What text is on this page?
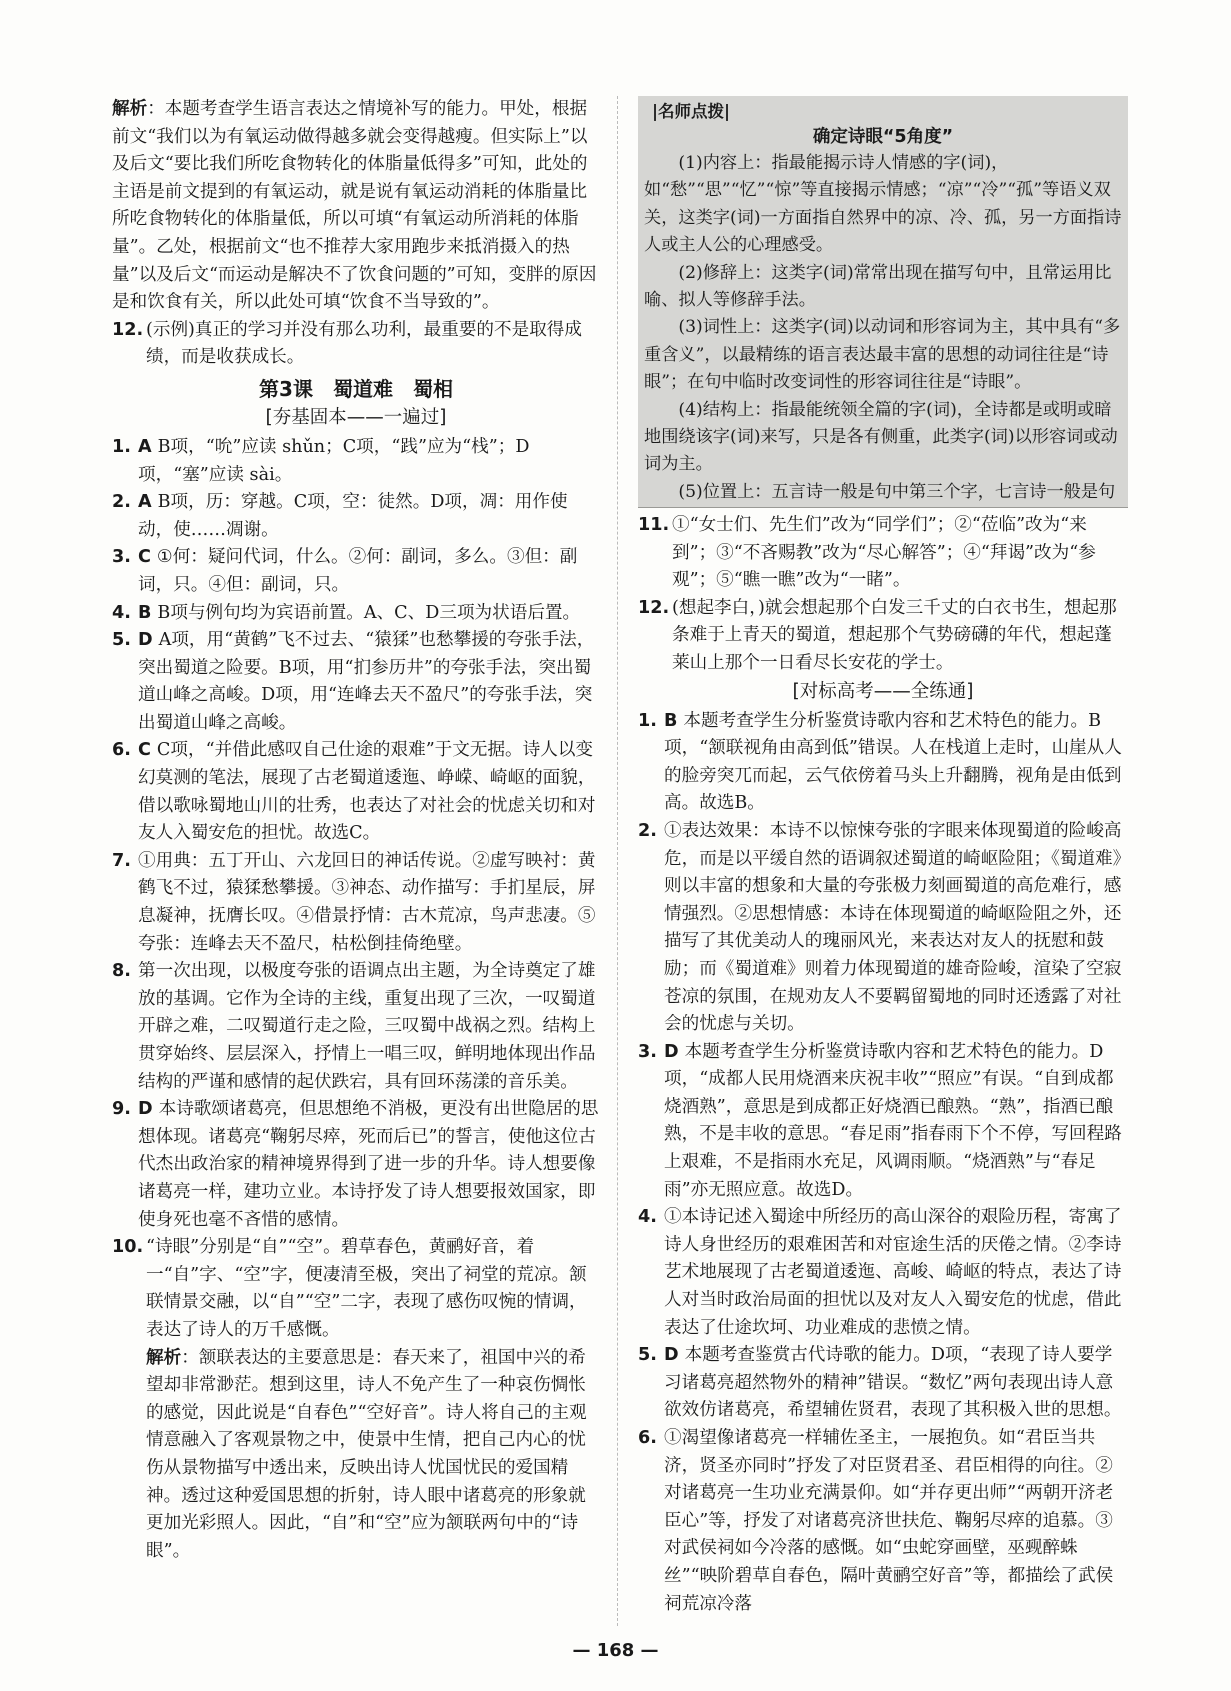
解析：本题考查学生语言表达之情境补写的能力。甲处，根据前文“我们以为有氧运动做得越多就会变得越瘦。但实际上”以及后文“要比我们所吃食物转化的体脂量低得多”可知，此处的主语是前文提到的有氧运动，就是说有氧运动消耗的体脂量比所吃食物转化的体脂量低，所以可填“有氧运动所消耗的体脂量”。乙处，根据前文“也不推荐大家用跑步来抵消摄入的热量”以及后文“而运动是解决不了饮食问题的”可知，变胖的原因是和饮食有关，所以此处可填“饮食不当导致的”。
12. (示例)真正的学习并没有那么功利，最重要的不是取得成绩，而是收获成长。
第3课　蜀道难　蜀相
[夯基固本——一遍过]
1. A B项，“吮”应读 shǔn；C项，“践”应为“栈”；D项，“塞”应读 sài。
2. A B项，历：穿越。C项，空：徒然。D项，凋：用作使动，使……凋谢。
3. C ①何：疑问代词，什么。②何：副词，多么。③但：副词，只。④但：副词，只。
4. B B项与例句均为宾语前置。A、C、D三项为状语后置。
5. D A项，用“黄鹤”飞不过去、“猿猱”也愁攀援的夸张手法，突出蜀道之险要。B项，用“扪参历井”的夸张手法，突出蜀道山峰之高峻。D项，用“连峰去天不盈尺”的夸张手法，突出蜀道山峰之高峻。
6. C C项，“并借此感叹自己仕途的艰难”于文无据。诗人以变幻莫测的笔法，展现了古老蜀道逶迤、峥嵘、崎岖的面貌，借以歌咏蜀地山川的壮秀，也表达了对社会的忧虑关切和对友人入蜀安危的担忧。故选C。
7. ①用典：五丁开山、六龙回日的神话传说。②虚写映衬：黄鹤飞不过，猿猱愁攀援。③神态、动作描写：手扪星辰，屏息凝神，抚膺长叹。④借景抒情：古木荒凉，鸟声悲凄。⑤夸张：连峰去天不盈尺，枯松倒挂倚绝壁。
8. 第一次出现，以极度夸张的语调点出主题，为全诗奠定了雄放的基调。它作为全诗的主线，重复出现了三次，一叹蜀道开辟之难，二叹蜀道行走之险，三叹蜀中战祸之烈。结构上贯穿始终、层层深入，抒情上一唱三叹，鲜明地体现出作品结构的严谨和感情的起伏跌宕，具有回环荡漾的音乐美。
9. D 本诗歌颂诸葛亮，但思想绝不消极，更没有出世隐居的思想体现。诸葛亮“鞠躬尽瘁，死而后已”的誓言，使他这位古代杰出政治家的精神境界得到了进一步的升华。诗人想要像诸葛亮一样，建功立业。本诗抒发了诗人想要报效国家，即使身死也毫不吝惜的感情。
10. “诗眼”分别是“自”“空”。碧草春色，黄鹂好音，着一“自”字、“空”字，便凄清至极，突出了祠堂的荒凉。颔联情景交融，以“自”“空”二字，表现了感伤叹惋的情调，表达了诗人的万千感慨。
解析：颔联表达的主要意思是：春天来了，祖国中兴的希望却非常渺茫。想到这里，诗人不免产生了一种哀伤惆怅的感觉，因此说是“自春色”“空好音”。诗人将自己的主观情意融入了客观景物之中，使景中生情，把自己内心的忧伤从景物描写中透出来，反映出诗人忧国忧民的爱国精神。透过这种爱国思想的折射，诗人眼中诸葛亮的形象就更加光彩照人。因此，“自”和“空”应为颔联两句中的“诗眼”。
|名师点拨|
确定诗眼“5角度”

(1)内容上：指最能揭示诗人情感的字(词)，如“愁”“思”“忆”“惊”等直接揭示情感；“凉”“冷”“孤”等语义双关，这类字(词)一方面指自然界中的凉、冷、孤，另一方面指诗人或主人公的心理感受。

(2)修辞上：这类字(词)常常出现在描写句中，且常运用比喻、拟人等修辞手法。

(3)词性上：这类字(词)以动词和形容词为主，其中具有“多重含义”，以最精练的语言表达最丰富的思想的动词往往是“诗眼”；在句中临时改变词性的形容词往往是“诗眼”。

(4)结构上：指最能统领全篇的字(词)，全诗都是或明或暗地围绕该字(词)来写，只是各有侧重，此类字(词)以形容词或动词为主。

(5)位置上：五言诗一般是句中第三个字，七言诗一般是句

11. ①“女士们、先生们”改为“同学们”；②“莅临”改为“来到”；③“不吝赐教”改为“尽心解答”；④“拜谒”改为“参观”；⑤“瞧一瞧”改为“一睹”。
12. (想起李白，)就会想起那个白发三千丈的白衣书生，想起那条难于上青天的蜀道，想起那个气势磅礴的年代，想起蓬莱山上那个一日看尽长安花的学士。
[对标高考——全练通]
1. B 本题考查学生分析鉴赏诗歌内容和艺术特色的能力。B项，“颔联视角由高到低”错误。人在栈道上走时，山崖从人的脸旁突兀而起，云气依傍着马头上升翻腾，视角是由低到高。故选B。
2. ①表达效果：本诗不以惊悚夸张的字眼来体现蜀道的险峻高危，而是以平缓自然的语调叙述蜀道的崎岖险阻；《蜀道难》则以丰富的想象和大量的夸张极力刻画蜀道的高危难行，感情强烈。②思想情感：本诗在体现蜀道的崎岖险阻之外，还描写了其优美动人的瑰丽风光，来表达对友人的抚慰和鼓励；而《蜀道难》则着力体现蜀道的雄奇险峻，渲染了空寂苍凉的氛围，在规劝友人不要羁留蜀地的同时还透露了对社会的忧虑与关切。
3. D 本题考查学生分析鉴赏诗歌内容和艺术特色的能力。D项，“成都人民用烧酒来庆祝丰收”“照应”有误。“自到成都烧酒熟”，意思是到成都正好烧酒已酿熟。“熟”，指酒已酿熟，不是丰收的意思。“春足雨”指春雨下个不停，写回程路上艰难，不是指雨水充足，风调雨顺。“烧酒熟”与“春足雨”亦无照应意。故选D。
4. ①本诗记述入蜀途中所经历的高山深谷的艰险历程，寄寓了诗人身世经历的艰难困苦和对宦途生活的厌倦之情。②李诗艺术地展现了古老蜀道逶迤、高峻、崎岖的特点，表达了诗人对当时政治局面的担忧以及对友人入蜀安危的忧虑，借此表达了仕途坎坷、功业难成的悲愤之情。
5. D 本题考查鉴赏古代诗歌的能力。D项，“表现了诗人要学习诸葛亮超然物外的精神”错误。“数忆”两句表现出诗人意欲效仿诸葛亮，希望辅佐贤君，表现了其积极入世的思想。
6. ①渴望像诸葛亮一样辅佐圣主，一展抱负。如“君臣当共济，贤圣亦同时”抒发了对臣贤君圣、君臣相得的向往。②对诸葛亮一生功业充满景仰。如“并存更出师”“两朝开济老臣心”等，抒发了对诸葛亮济世扶危、鞠躬尽瘁的追慕。③对武侯祠如今冷落的感慨。如“虫蛇穿画壁，巫觋醉蛛丝”“映阶碧草自春色，隔叶黄鹂空好音”等，都描绘了武侯祠荒凉冷落
— 168 —
